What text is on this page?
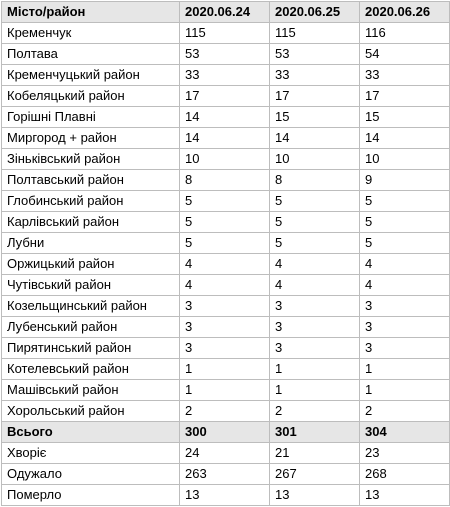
Місто/район	2020.06.24	2020.06.25	2020.06.26
Кременчук	115	115	116
Полтава	53	53	54
Кременчуцький район	33	33	33
Кобеляцький район	17	17	17
Горішні Плавні	14	15	15
Миргород + район	14	14	14
Зіньківський район	10	10	10
Полтавський район	8	8	9
Глобинський район	5	5	5
Карлівський район	5	5	5
Лубни	5	5	5
Оржицький район	4	4	4
Чутівський район	4	4	4
Козельщинський район	3	3	3
Лубенський район	3	3	3
Пирятинський район	3	3	3
Котелевський район	1	1	1
Машівський район	1	1	1
Хорольський район	2	2	2
Всього	300	301	304
Хворіє	24	21	23
Одужало	263	267	268
Померло	13	13	13
